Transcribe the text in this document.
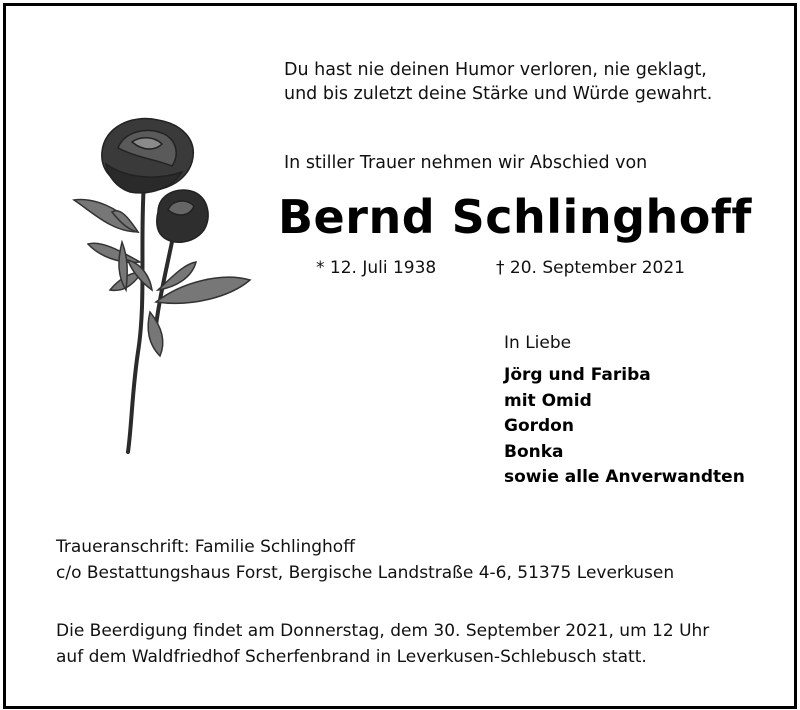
Du hast nie deinen Humor verloren, nie geklagt,
und bis zuletzt deine Stärke und Würde gewahrt.
In stiller Trauer nehmen wir Abschied von
Bernd Schlinghoff
* 12. Juli 1938	† 20. September 2021
In Liebe
Jörg und Fariba
mit Omid
Gordon
Bonka
sowie alle Anverwandten
Traueranschrift: Familie Schlinghoff
c/o Bestattungshaus Forst, Bergische Landstraße 4-6, 51375 Leverkusen
Die Beerdigung findet am Donnerstag, dem 30. September 2021, um 12 Uhr
auf dem Waldfriedhof Scherfenbrand in Leverkusen-Schlebusch statt.
